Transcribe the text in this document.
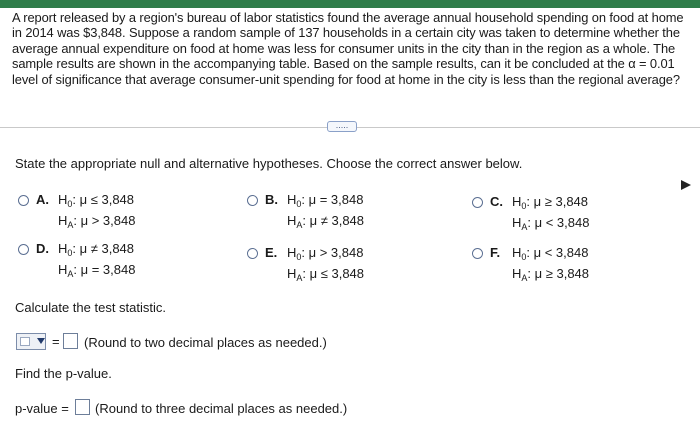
A report released by a region's bureau of labor statistics found the average annual household spending on food at home
in 2014 was $3,848. Suppose a random sample of 137 households in a certain city was taken to determine whether the
average annual expenditure on food at home was less for consumer units in the city than in the region as a whole. The
sample results are shown in the accompanying table. Based on the sample results, can it be concluded at the α = 0.01
level of significance that average consumer-unit spending for food at home in the city is less than the regional average?
.....
State the appropriate null and alternative hypotheses. Choose the correct answer below.
A. $H_0$: μ ≤ 3,848
$H_A$: μ > 3,848
B. $H_0$: μ = 3,848
$H_A$: μ ≠ 3,848
C. $H_0$: μ ≥ 3,848
$H_A$: μ < 3,848
D. $H_0$: μ ≠ 3,848
$H_A$: μ = 3,848
E. $H_0$: μ > 3,848
$H_A$: μ ≤ 3,848
F. $H_0$: μ < 3,848
$H_A$: μ ≥ 3,848
Calculate the test statistic.
= (Round to two decimal places as needed.)
Find the p-value.
p-value = (Round to three decimal places as needed.)
